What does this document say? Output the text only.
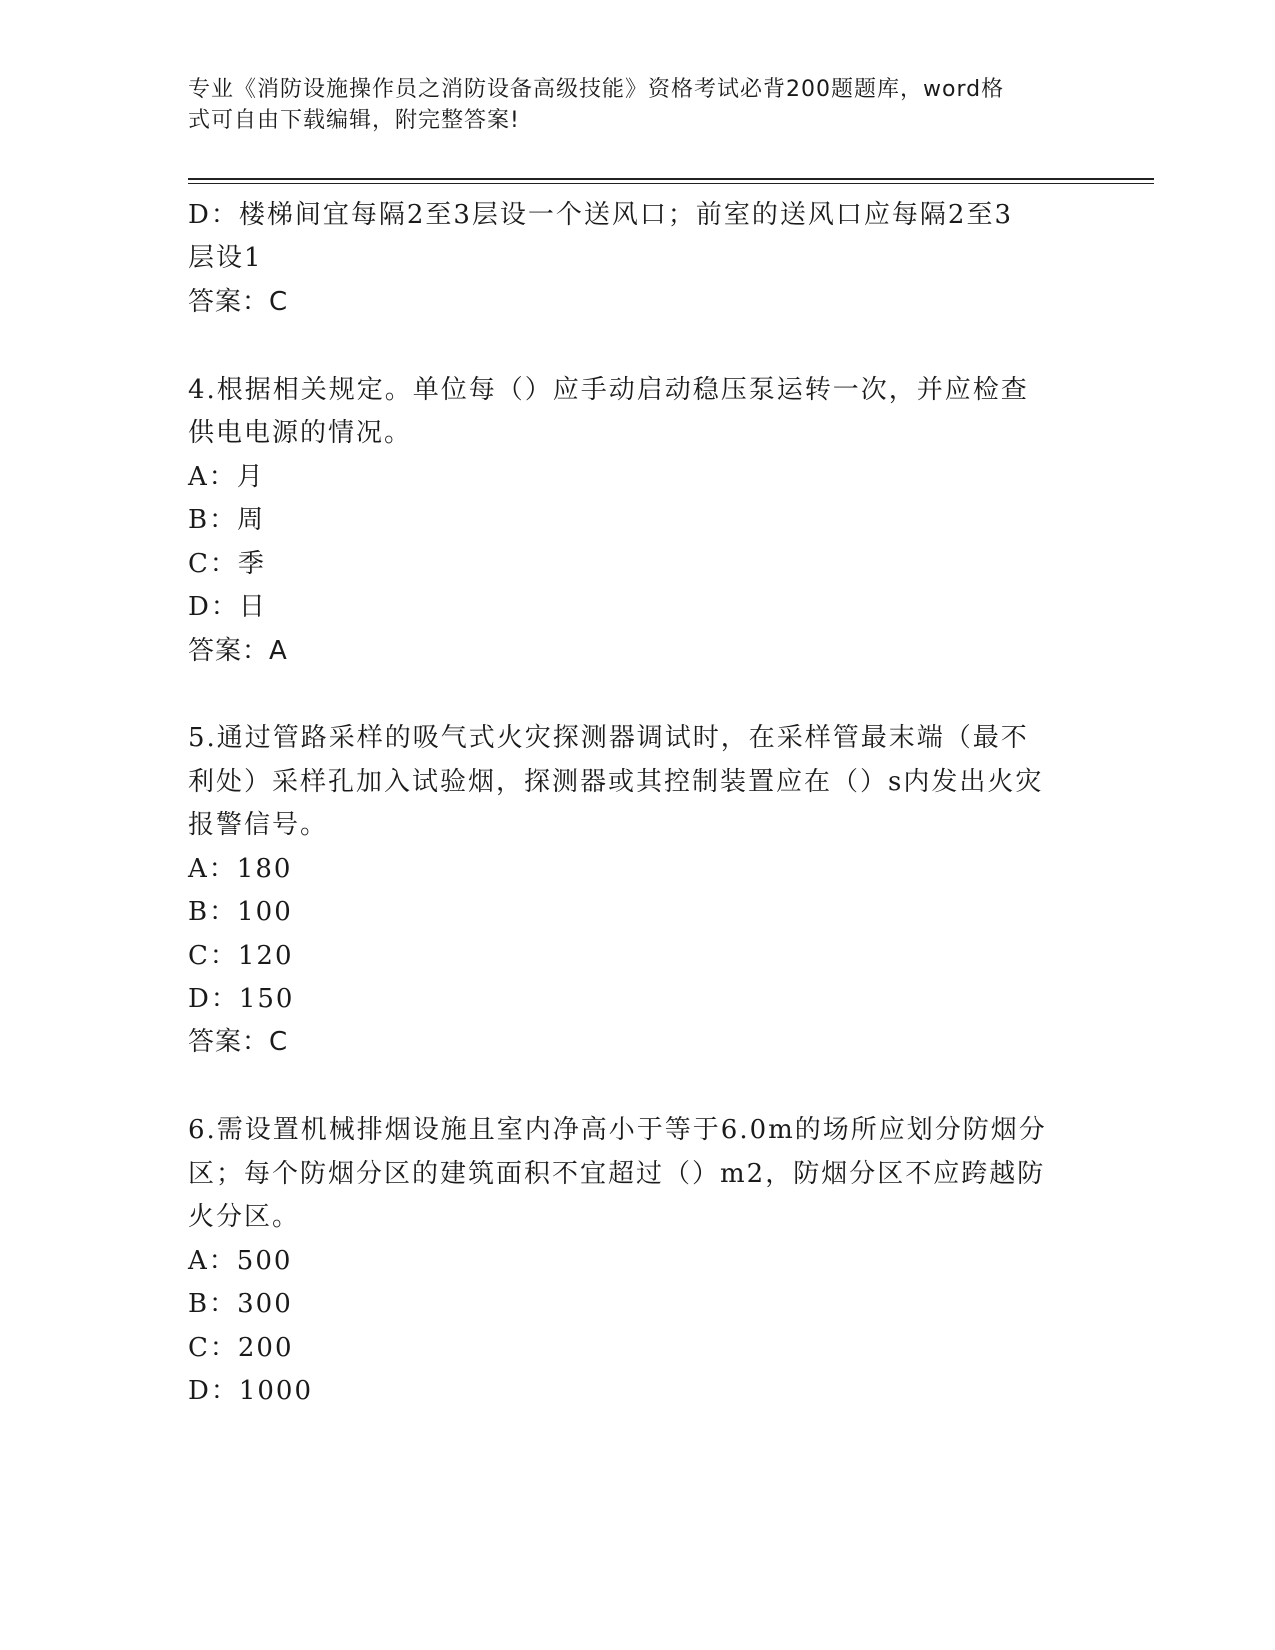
专业《消防设施操作员之消防设备高级技能》资格考试必背200题题库，word格
式可自由下载编辑，附完整答案!
D：楼梯间宜每隔2至3层设一个送风口；前室的送风口应每隔2至3
层设1
答案：C
4.根据相关规定。单位每（）应手动启动稳压泵运转一次，并应检查
供电电源的情况。
A：月
B：周
C：季
D：日
答案：A
5.通过管路采样的吸气式火灾探测器调试时，在采样管最末端（最不
利处）采样孔加入试验烟，探测器或其控制装置应在（）s内发出火灾
报警信号。
A：180
B：100
C：120
D：150
答案：C
6.需设置机械排烟设施且室内净高小于等于6.0m的场所应划分防烟分
区；每个防烟分区的建筑面积不宜超过（）m2，防烟分区不应跨越防
火分区。
A：500
B：300
C：200
D：1000
